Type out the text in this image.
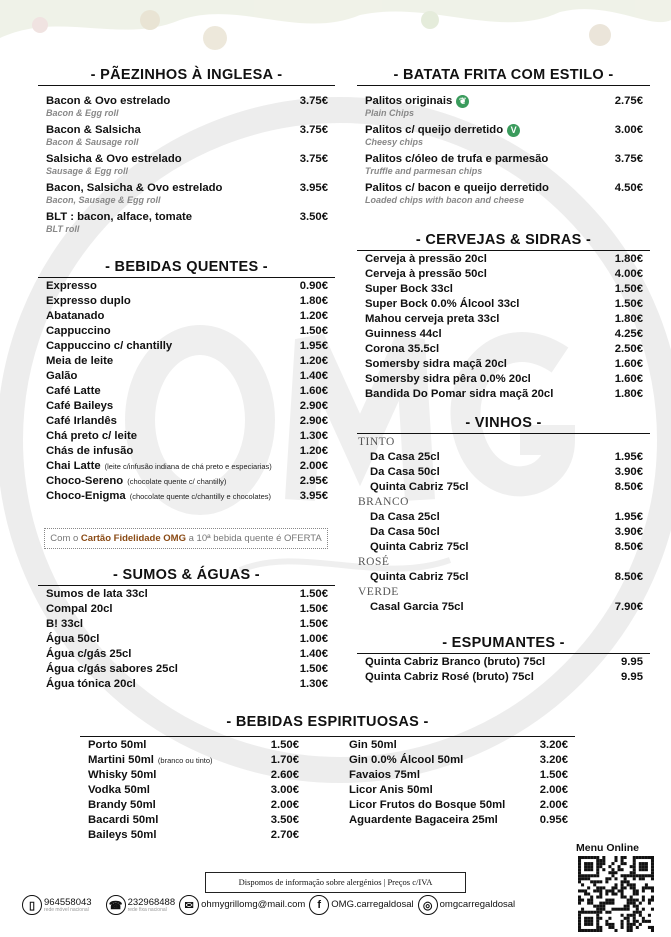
- PÃEZINHOS À INGLESA -
Bacon & Ovo estrelado
Bacon & Egg roll
3.75€
Bacon & Salsicha
Bacon & Sausage roll
3.75€
Salsicha & Ovo estrelado
Sausage & Egg roll
3.75€
Bacon, Salsicha & Ovo estrelado
Bacon, Sausage & Egg roll
3.95€
BLT : bacon, alface, tomate
BLT roll
3.50€
- BEBIDAS QUENTES -
Expresso	0.90€
Expresso duplo	1.80€
Abatanado	1.20€
Cappuccino	1.50€
Cappuccino c/ chantilly	1.95€
Meia de leite	1.20€
Galão	1.40€
Café Latte	1.60€
Café Baileys	2.90€
Café Irlandês	2.90€
Chá preto c/ leite	1.30€
Chás de infusão	1.20€
Chai Latte (leite c/infusão indiana de chá preto e especiarias) 2.00€
Choco-Sereno (chocolate quente c/ chantilly)	2.95€
Choco-Enigma (chocolate quente c/chantilly e chocolates)	3.95€
Com o Cartão Fidelidade OMG a 10ª bebida quente é OFERTA
- SUMOS & ÁGUAS -
Sumos de lata 33cl	1.50€
Compal 20cl	1.50€
B! 33cl	1.50€
Água 50cl	1.00€
Água c/gás 25cl	1.40€
Água c/gás sabores 25cl	1.50€
Água tónica 20cl	1.30€
- BATATA FRITA COM ESTILO -
Palitos originais ❦
Plain Chips
2.75€
Palitos c/ queijo derretido V
Cheesy chips
3.00€
Palitos c/óleo de trufa e parmesão
Truffle and parmesan chips
3.75€
Palitos c/ bacon e queijo derretido
Loaded chips with bacon and cheese
4.50€
- CERVEJAS & SIDRAS -
Cerveja à pressão 20cl	1.80€
Cerveja à pressão 50cl	4.00€
Super Bock 33cl	1.50€
Super Bock 0.0% Álcool 33cl	1.50€
Mahou cerveja preta 33cl	1.80€
Guinness 44cl	4.25€
Corona 35.5cl	2.50€
Somersby sidra maçã 20cl	1.60€
Somersby sidra pêra 0.0% 20cl	1.60€
Bandida Do Pomar sidra maçã 20cl	1.80€
- VINHOS -
TINTO
Da Casa 25cl	1.95€
Da Casa 50cl	3.90€
Quinta Cabriz 75cl	8.50€
BRANCO
Da Casa 25cl	1.95€
Da Casa 50cl	3.90€
Quinta Cabriz 75cl	8.50€
ROSÉ
Quinta Cabriz 75cl	8.50€
VERDE
Casal Garcia 75cl	7.90€
- ESPUMANTES -
Quinta Cabriz Branco (bruto) 75cl	9.95
Quinta Cabriz Rosé (bruto) 75cl	9.95
- BEBIDAS ESPIRITUOSAS -
Porto 50ml	1.50€
Martini 50ml (branco ou tinto)	1.70€
Whisky 50ml	2.60€
Vodka 50ml	3.00€
Brandy 50ml	2.00€
Bacardi 50ml	3.50€
Baileys 50ml	2.70€
Gin 50ml	3.20€
Gin 0.0% Álcool 50ml	3.20€
Favaios 75ml	1.50€
Licor Anis 50ml	2.00€
Licor Frutos do Bosque 50ml	2.00€
Aguardente Bagaceira 25ml	0.95€
Dispomos de informação sobre alergénios | Preços c/IVA
▯ 964558043
rede móvel nacional ☎ 232968488
rede fixa nacional	✉ ohmygrillomg@mail.com	f	OMG.carregaldosal ◎ omgcarregaldosal
Menu Online
